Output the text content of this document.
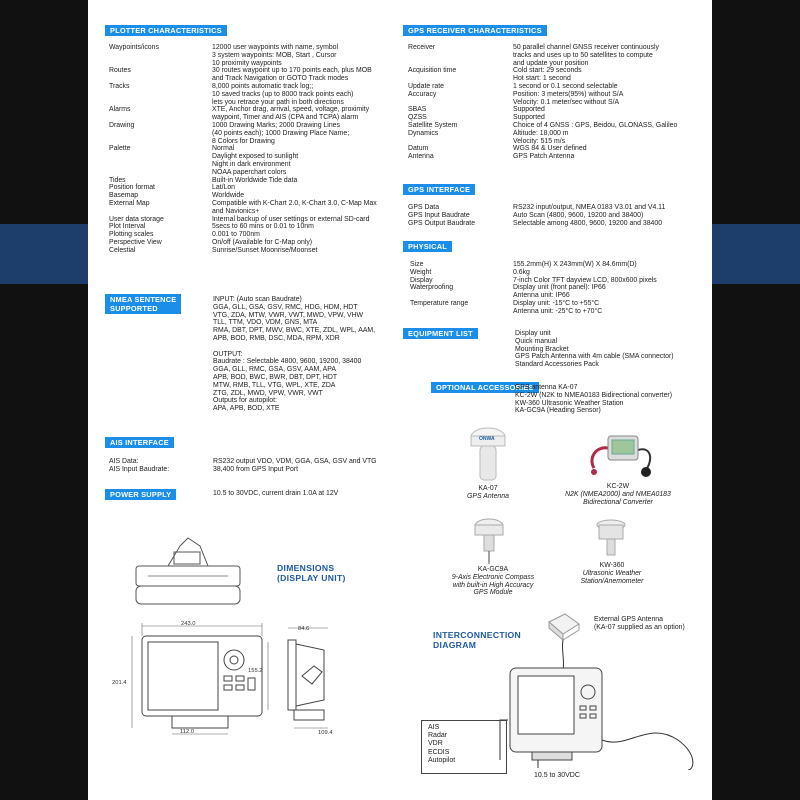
PLOTTER CHARACTERISTICS
Waypoints/icons	12000 user waypoints with name, symbol
3 system waypoints: MOB, Start , Cursor
10 proximity waypoints
Routes	30 routes waypoint up to 170 points each, plus MOB
and Track Navigation or GOTO Track modes
Tracks	8,000 points automatic track log;;
10 saved tracks (up to 8000 track points each)
lets you retrace your path in both directions
Alarms	XTE, Anchor drag, arrival, speed, voltage, proximity
waypoint, Timer and AIS (CPA and TCPA) alarm
Drawing	1000 Drawing Marks; 2000 Drawing Lines
(40 points each); 1000 Drawing Place Name;
8 Colors for Drawing
Palette	Normal
Daylight exposed to sunlight
Night in dark environment
NOAA paperchart colors
Tides	Built-in Worldwide Tide data
Position format	Lat/Lon
Basemap	Worldwide
External Map	Compatible with K-Chart 2.0, K-Chart 3.0, C-Map Max
and Navionics+
User data storage	Internal backup of user settings or external SD-card
Plot Interval	5secs to 60 mins or 0.01 to 10nm
Plotting scales	0.001 to 700nm
Perspective View	On/off (Available for C-Map only)
Celestial	Sunrise/Sunset Moonrise/Moonset
NMEA SENTENCE
SUPPORTED
INPUT: (Auto scan Baudrate)
GGA, GLL, GSA, GSV, RMC, HDG, HDM, HDT
VTG, ZDA, MTW, VWR, VWT, MWD, VPW, VHW
TLL, TTM, VDO, VDM, GNS, MTA
RMA, DBT, DPT, MWV, BWC, XTE, ZDL, WPL, AAM,
APB, BOD, RMB, DSC, MDA, RPM, XDR

OUTPUT:
Baudrate : Selectable 4800, 9600, 19200, 38400
GGA, GLL, RMC, GSA, GSV, AAM, APA
APB, BOD, BWC, BWR, DBT, DPT, HDT
MTW, RMB, TLL, VTG, WPL, XTE, ZDA
ZTG, ZDL, MWD, VPW, VWR, VWT
Outputs for autopilot:
APA, APB, BOD, XTE
AIS INTERFACE
AIS Data:	RS232 output VDO, VDM, GGA, GSA, GSV and VTG
AIS Input Baudrate:	38,400 from GPS Input Port
POWER SUPPLY	10.5 to 30VDC, current drain 1.0A at 12V
GPS RECEIVER CHARACTERISTICS
Receiver	50 parallel channel GNSS receiver continuously
tracks and uses up to 50 satellites to compute
and update your position
Acquisition time	Cold start: 29 seconds
Hot start: 1 second
Update rate	1 second or 0.1 second selectable
Accuracy	Position: 3 meters(95%) without S/A
Velocity: 0.1 meter/sec without S/A
SBAS	Supported
QZSS	Supported
Satellite System	Choice of 4 GNSS : GPS, Beidou, GLONASS, Galileo
Dynamics	Altitude: 18,000 m
Velocity: 515 m/s
Datum	WGS 84 & User defined
Antenna	GPS Patch Antenna
GPS INTERFACE
GPS Data	RS232 input/output, NMEA 0183 V3.01 and V4.11
GPS Input Baudrate	Auto Scan (4800, 9600, 19200 and 38400)
GPS Output Baudrate	Selectable among 4800, 9600, 19200 and 38400
PHYSICAL
Size	155.2mm(H) X 243mm(W) X 84.6mm(D)
Weight	0.6kg
Display	7-inch Color TFT dayview LCD, 800x600 pixels
Waterproofing	Display unit (front panel): IP66
Antenna unit: IP66
Temperature range	Display unit: -15°C to +55°C
Antenna unit: -25°C to +70°C
EQUIPMENT LIST	Display unit
Quick manual
Mounting Bracket
GPS Patch Antenna with 4m cable (SMA connector)
Standard Accessories Pack
OPTIONAL ACCESSORIES
GPS antenna KA-07
KC-2W (N2K to NMEA0183 Bidirectional converter)
KW-360 Ultrasonic Weather Station
KA-GC9A (Heading Sensor)
ONWA
KA-07
GPS Antenna
KC-2W
N2K (NMEA2000) and NMEA0183
Bidirectional Converter
KA-GC9A
9-Axis Electronic Compass
with built-in High Accuracy
GPS Module
KW-360
Ultrasonic Weather
Station/Anemometer
DIMENSIONS
(DISPLAY UNIT)
243.0
201.4
155.2
112.0
84.6
109.4
External GPS Antenna
(KA-07 supplied as an option)
INTERCONNECTION
DIAGRAM
AIS
Radar
VDR
ECDIS
Autopilot
10.5 to 30VDC
